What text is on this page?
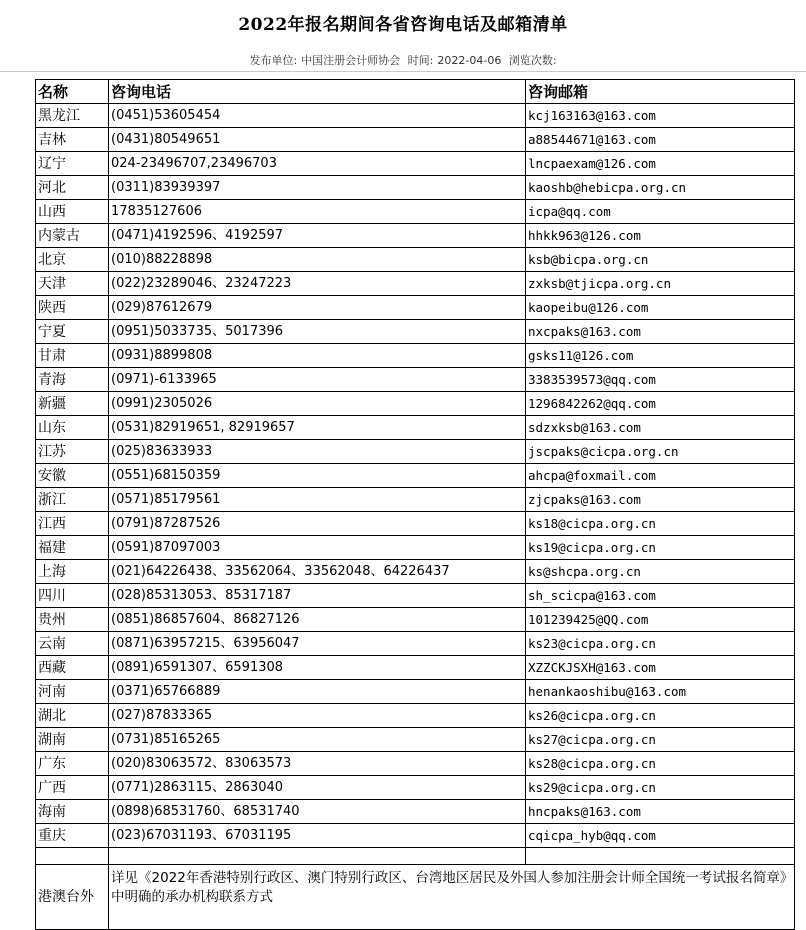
2022年报名期间各省咨询电话及邮箱清单
发布单位: 中国注册会计师协会 时间: 2022-04-06 浏览次数:
名称	咨询电话	咨询邮箱
黑龙江	(0451)53605454	kcj163163@163.com
吉林	(0431)80549651	a88544671@163.com
辽宁	024-23496707,23496703	lncpaexam@126.com
河北	(0311)83939397	kaoshb@hebicpa.org.cn
山西	17835127606	icpa@qq.com
内蒙古	(0471)4192596、4192597	hhkk963@126.com
北京	(010)88228898	ksb@bicpa.org.cn
天津	(022)23289046、23247223	zxksb@tjicpa.org.cn
陕西	(029)87612679	kaopeibu@126.com
宁夏	(0951)5033735、5017396	nxcpaks@163.com
甘肃	(0931)8899808	gsks11@126.com
青海	(0971)-6133965	3383539573@qq.com
新疆	(0991)2305026	1296842262@qq.com
山东	(0531)82919651, 82919657	sdzxksb@163.com
江苏	(025)83633933	jscpaks@cicpa.org.cn
安徽	(0551)68150359	ahcpa@foxmail.com
浙江	(0571)85179561	zjcpaks@163.com
江西	(0791)87287526	ks18@cicpa.org.cn
福建	(0591)87097003	ks19@cicpa.org.cn
上海	(021)64226438、33562064、33562048、64226437	ks@shcpa.org.cn
四川	(028)85313053、85317187	sh_scicpa@163.com
贵州	(0851)86857604、86827126	101239425@QQ.com
云南	(0871)63957215、63956047	ks23@cicpa.org.cn
西藏	(0891)6591307、6591308	XZZCKJSXH@163.com
河南	(0371)65766889	henankaoshibu@163.com
湖北	(027)87833365	ks26@cicpa.org.cn
湖南	(0731)85165265	ks27@cicpa.org.cn
广东	(020)83063572、83063573	ks28@cicpa.org.cn
广西	(0771)2863115、2863040	ks29@cicpa.org.cn
海南	(0898)68531760、68531740	hncpaks@163.com
重庆	(023)67031193、67031195	cqicpa_hyb@qq.com

港澳台外	详见《2022年香港特别行政区、澳门特别行政区、台湾地区居民及外国人参加注册会计师全国统一考试报名简章》中明确的承办机构联系方式	
